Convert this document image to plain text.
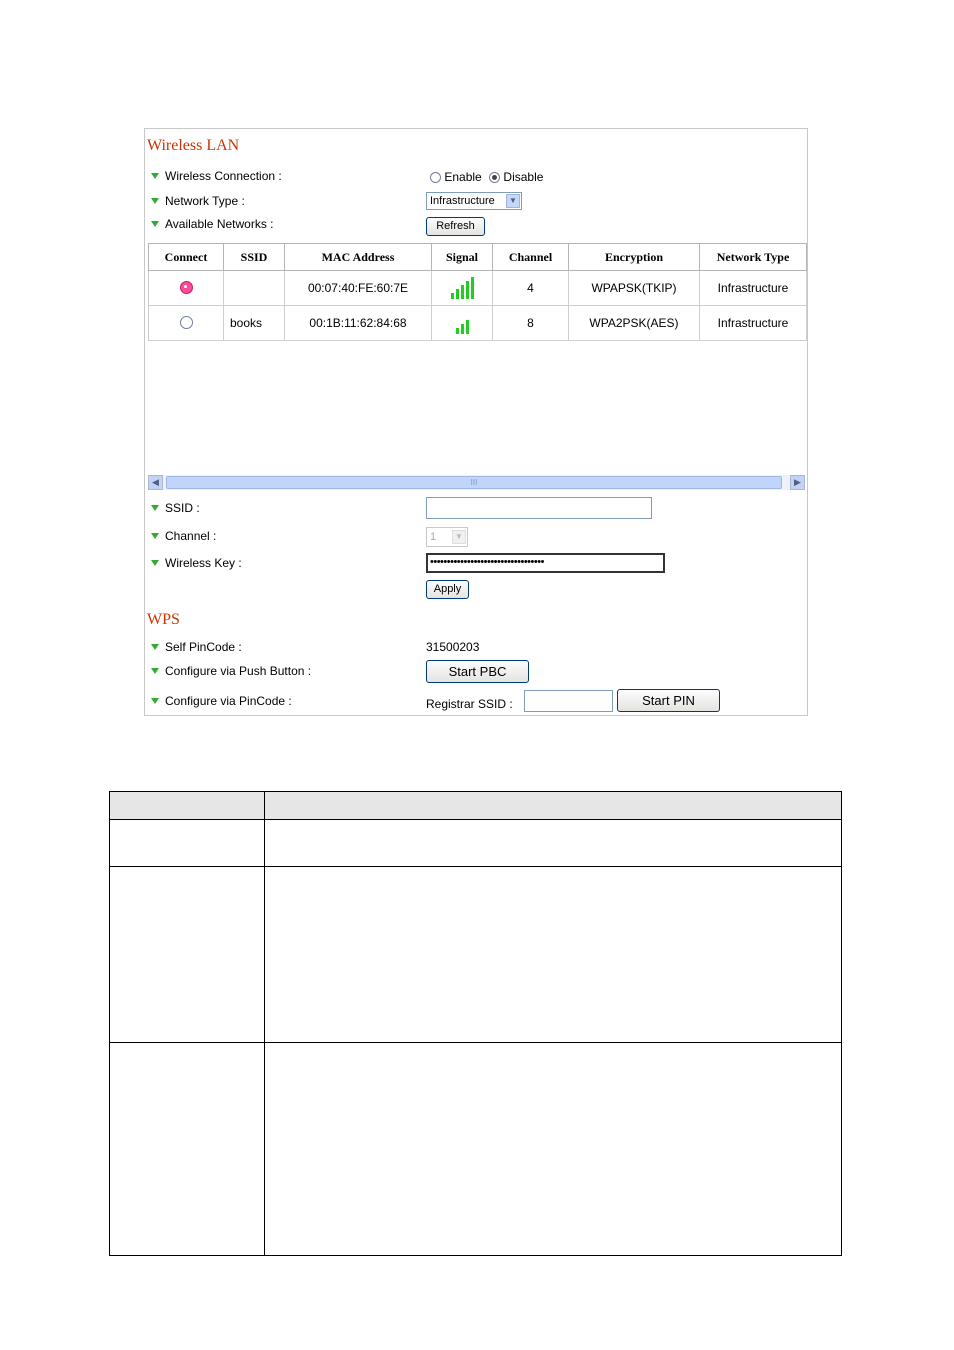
Wireless LAN
Wireless Connection :	Enable Disable
Network Type :	Infrastructure	▼
Available Networks :	Refresh
Connect	SSID	MAC Address	Signal	Channel	Encryption	Network Type
		00:07:40:FE:60:7E		4	WPAPSK(TKIP)	Infrastructure
	books	00:1B:11:62:84:68		8	WPA2PSK(AES)	Infrastructure
◀	III	▶
SSID :
Channel :	1	▼
Wireless Key :	••••••••••••••••••••••••••••••••••
Apply
WPS
Self PinCode :	31500203
Configure via Push Button :	Start PBC
Configure via PinCode :	Registrar SSID :	Start PIN
